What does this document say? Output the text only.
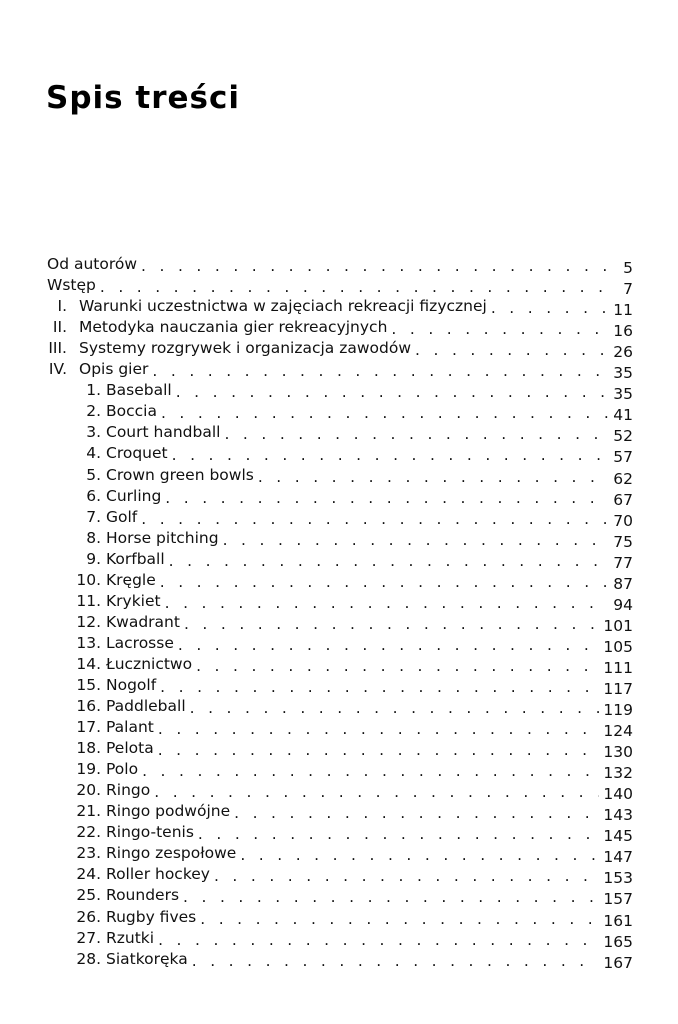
Spis treści
Od autorów . . .	5
Wstęp . . .	7
I. Warunki uczestnictwa w zajęciach rekreacji fizycznej . . .	11
II. Metodyka nauczania gier rekreacyjnych . . .	16
III. Systemy rozgrywek i organizacja zawodów . . .	26
IV. Opis gier . . .	35
1. Baseball . . .	35
2. Boccia . . .	41
3. Court handball . . .	52
4. Croquet . . .	57
5. Crown green bowls . . .	62
6. Curling . . .	67
7. Golf . . .	70
8. Horse pitching . . .	75
9. Korfball . . .	77
10. Kręgle . . .	87
11. Krykiet . . .	94
12. Kwadrant . . .	101
13. Lacrosse . . .	105
14. Łucznictwo . . .	111
15. Nogolf . . .	117
16. Paddleball . . .	119
17. Palant . . .	124
18. Pelota . . .	130
19. Polo . . .	132
20. Ringo . . .	140
21. Ringo podwójne . . .	143
22. Ringo-tenis . . .	145
23. Ringo zespołowe . . .	147
24. Roller hockey . . .	153
25. Rounders . . .	157
26. Rugby fives . . .	161
27. Rzutki . . .	165
28. Siatkoręka . . .	167
